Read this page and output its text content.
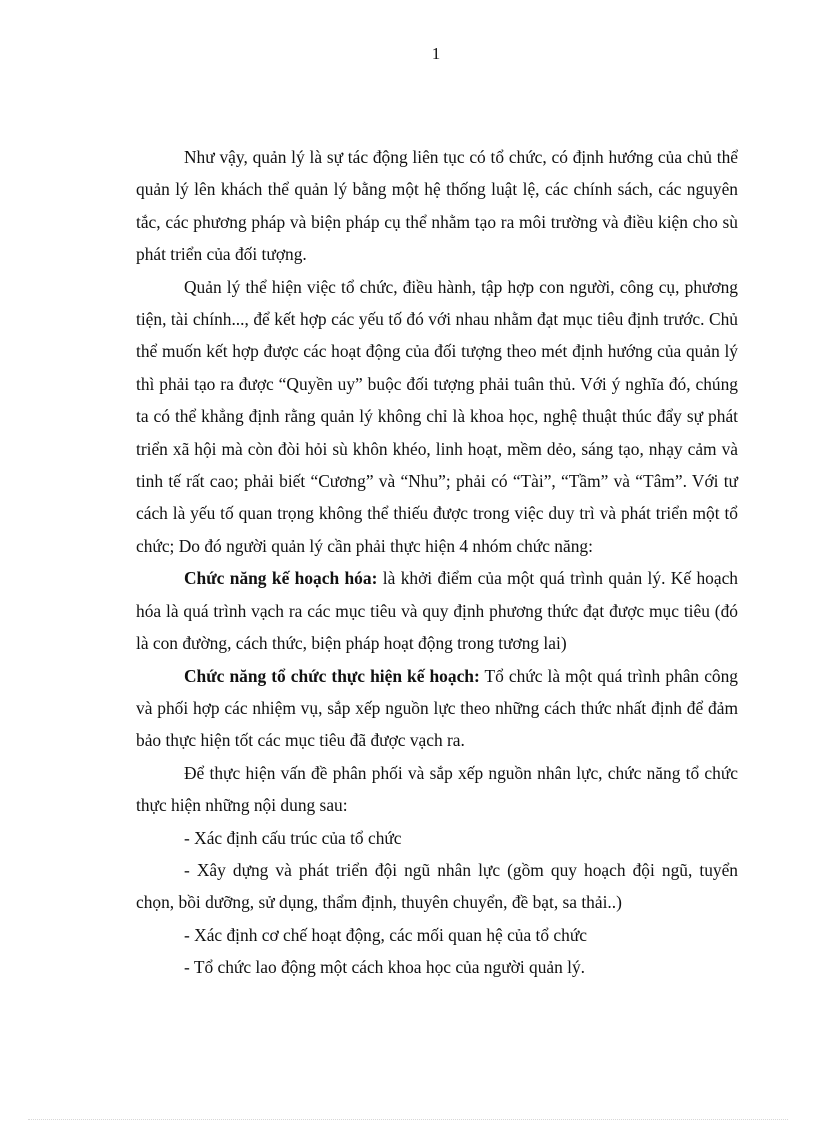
1

Như vậy, quản lý là sự tác động liên tục có tổ chức, có định hướng của chủ thể quản lý lên khách thể quản lý bằng một hệ thống luật lệ, các chính sách, các nguyên tắc, các phương pháp và biện pháp cụ thể nhằm tạo ra môi trường và điều kiện cho sù phát triển của đối tượng.

Quản lý thể hiện việc tổ chức, điều hành, tập hợp con người, công cụ, phương tiện, tài chính..., để kết hợp các yếu tố đó với nhau nhằm đạt mục tiêu định trước. Chủ thể muốn kết hợp được các hoạt động của đối tượng theo mét định hướng của quản lý thì phải tạo ra được “Quyền uy” buộc đối tượng phải tuân thủ. Với ý nghĩa đó, chúng ta có thể khẳng định rằng quản lý không chỉ là khoa học, nghệ thuật thúc đẩy sự phát triển xã hội mà còn đòi hỏi sù khôn khéo, linh hoạt, mềm dẻo, sáng tạo, nhạy cảm và tinh tế rất cao; phải biết “Cương” và “Nhu”; phải có “Tài”, “Tầm” và “Tâm”. Với tư cách là yếu tố quan trọng không thể thiếu được trong việc duy trì và phát triển một tổ chức; Do đó người quản lý cần phải thực hiện 4 nhóm chức năng:

Chức năng kế hoạch hóa: là khởi điểm của một quá trình quản lý. Kế hoạch hóa là quá trình vạch ra các mục tiêu và quy định phương thức đạt được mục tiêu (đó là con đường, cách thức, biện pháp hoạt động trong tương lai)

Chức năng tổ chức thực hiện kế hoạch: Tổ chức là một quá trình phân công và phối hợp các nhiệm vụ, sắp xếp nguồn lực theo những cách thức nhất định để đảm bảo thực hiện tốt các mục tiêu đã được vạch ra.

Để thực hiện vấn đề phân phối và sắp xếp nguồn nhân lực, chức năng tổ chức thực hiện những nội dung sau:

- Xác định cấu trúc của tổ chức

- Xây dựng và phát triển đội ngũ nhân lực (gồm quy hoạch đội ngũ, tuyển chọn, bồi dưỡng, sử dụng, thẩm định, thuyên chuyển, đề bạt, sa thải..)

- Xác định cơ chế hoạt động, các mối quan hệ của tổ chức

- Tổ chức lao động một cách khoa học của người quản lý.
